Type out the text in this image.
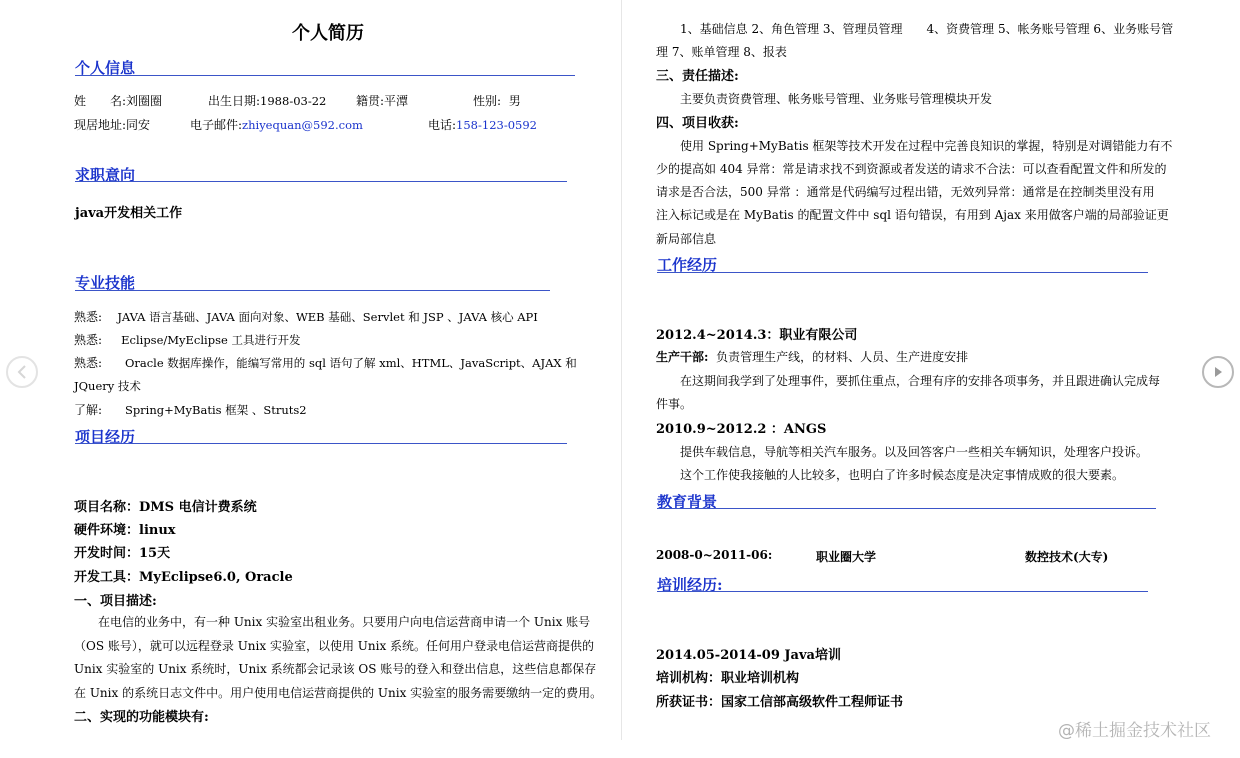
个人简历
个人信息
姓　　名:刘圈圈	出生日期:1988-03-22 籍贯:平潭	性别: 男
现居地址:同安	电子邮件:zhiyequan@592.com	电话:158-123-0592
求职意向
java开发相关工作
专业技能
熟悉: JAVA 语言基础、JAVA 面向对象、WEB 基础、Servlet 和 JSP 、JAVA 核心 API
熟悉: Eclipse/MyEclipse 工具进行开发
熟悉: Oracle 数据库操作，能编写常用的 sql 语句了解 xml、HTML、JavaScript、AJAX 和
JQuery 技术
了解: Spring+MyBatis 框架 、Struts2
项目经历
项目名称：DMS 电信计费系统
硬件环境：linux
开发时间：15天
开发工具：MyEclipse6.0, Oracle
一、项目描述:
在电信的业务中，有一种 Unix 实验室出租业务。只要用户向电信运营商申请一个 Unix 账号
（OS 账号），就可以远程登录 Unix 实验室，以使用 Unix 系统。任何用户登录电信运营商提供的
Unix 实验室的 Unix 系统时，Unix 系统都会记录该 OS 账号的登入和登出信息，这些信息都保存
在 Unix 的系统日志文件中。用户使用电信运营商提供的 Unix 实验室的服务需要缴纳一定的费用。
二、实现的功能模块有:
1、基础信息 2、角色管理 3、管理员管理　　4、资费管理 5、帐务账号管理 6、业务账号管
理 7、账单管理 8、报表
三、责任描述:
主要负责资费管理、帐务账号管理、业务账号管理模块开发
四、项目收获:
使用 Spring+MyBatis 框架等技术开发在过程中完善良知识的掌握，特别是对调错能力有不
少的提高如 404 异常：常是请求找不到资源或者发送的请求不合法：可以查看配置文件和所发的
请求是否合法，500 异常 ：通常是代码编写过程出错，无效列异常：通常是在控制类里没有用
注入标记或是在 MyBatis 的配置文件中 sql 语句错误，有用到 Ajax 来用做客户端的局部验证更
新局部信息
工作经历
2012.4~2014.3：职业有限公司
生产干部: 负责管理生产线，的材料、人员、生产进度安排
在这期间我学到了处理事件，要抓住重点，合理有序的安排各项事务，并且跟进确认完成每
件事。
2010.9~2012.2 ：ANGS
提供车载信息，导航等相关汽车服务。以及回答客户一些相关车辆知识，处理客户投诉。
这个工作使我接触的人比较多，也明白了许多时候态度是决定事情成败的很大要素。
教育背景
2008-0~2011-06:	职业圈大学	数控技术(大专)
培训经历:
2014.05-2014-09 Java培训
培训机构：职业培训机构
所获证书：国家工信部高级软件工程师证书
@稀土掘金技术社区
